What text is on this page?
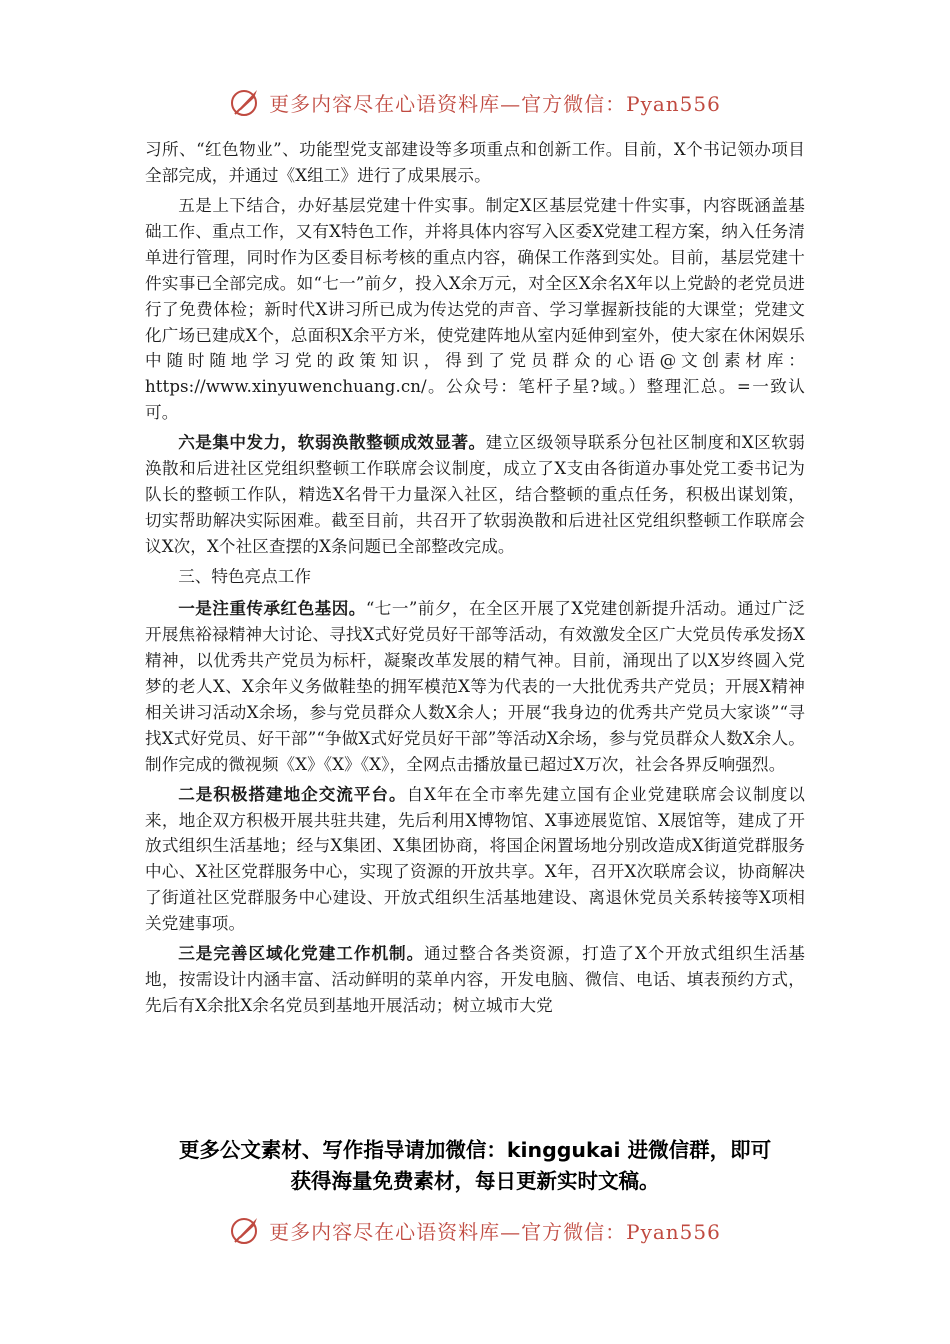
更多内容尽在心语资料库—官方微信：Pyan556

习所、“红色物业”、功能型党支部建设等多项重点和创新工作。目前，X个书记领办项目全部完成，并通过《X组工》进行了成果展示。

五是上下结合，办好基层党建十件实事。制定X区基层党建十件实事，内容既涵盖基础工作、重点工作，又有X特色工作，并将具体内容写入区委X党建工程方案，纳入任务清单进行管理，同时作为区委目标考核的重点内容，确保工作落到实处。目前，基层党建十件实事已全部完成。如“七一”前夕，投入X余万元，对全区X余名X年以上党龄的老党员进行了免费体检；新时代X讲习所已成为传达党的声音、学习掌握新技能的大课堂；党建文化广场已建成X个，总面积X余平方米，使党建阵地从室内延伸到室外，使大家在休闲娱乐中随时随地学习党的政策知识，得到了党员群众的心语@文创素材库：https://www.xinyuwenchuang.cn/。公众号：笔杆子星?域。）整理汇总。=一致认可。

六是集中发力，软弱涣散整顿成效显著。建立区级领导联系分包社区制度和X区软弱涣散和后进社区党组织整顿工作联席会议制度，成立了X支由各街道办事处党工委书记为队长的整顿工作队，精选X名骨干力量深入社区，结合整顿的重点任务，积极出谋划策，切实帮助解决实际困难。截至目前，共召开了软弱涣散和后进社区党组织整顿工作联席会议X次，X个社区查摆的X条问题已全部整改完成。

三、特色亮点工作

一是注重传承红色基因。“七一”前夕，在全区开展了X党建创新提升活动。通过广泛开展焦裕禄精神大讨论、寻找X式好党员好干部等活动，有效激发全区广大党员传承发扬X精神，以优秀共产党员为标杆，凝聚改革发展的精气神。目前，涌现出了以X岁终圆入党梦的老人X、X余年义务做鞋垫的拥军模范X等为代表的一大批优秀共产党员；开展X精神相关讲习活动X余场，参与党员群众人数X余人；开展“我身边的优秀共产党员大家谈”“寻找X式好党员、好干部”“争做X式好党员好干部”等活动X余场，参与党员群众人数X余人。制作完成的微视频《X》《X》《X》，全网点击播放量已超过X万次，社会各界反响强烈。

二是积极搭建地企交流平台。自X年在全市率先建立国有企业党建联席会议制度以来，地企双方积极开展共驻共建，先后利用X博物馆、X事迹展览馆、X展馆等，建成了开放式组织生活基地；经与X集团、X集团协商，将国企闲置场地分别改造成X街道党群服务中心、X社区党群服务中心，实现了资源的开放共享。X年，召开X次联席会议，协商解决了街道社区党群服务中心建设、开放式组织生活基地建设、离退休党员关系转接等X项相关党建事项。

三是完善区域化党建工作机制。通过整合各类资源，打造了X个开放式组织生活基地，按需设计内涵丰富、活动鲜明的菜单内容，开发电脑、微信、电话、填表预约方式，先后有X余批X余名党员到基地开展活动；树立城市大党

更多公文素材、写作指导请加微信：kinggukai 进微信群，即可
获得海量免费素材，每日更新实时文稿。
更多内容尽在心语资料库—官方微信：Pyan556
